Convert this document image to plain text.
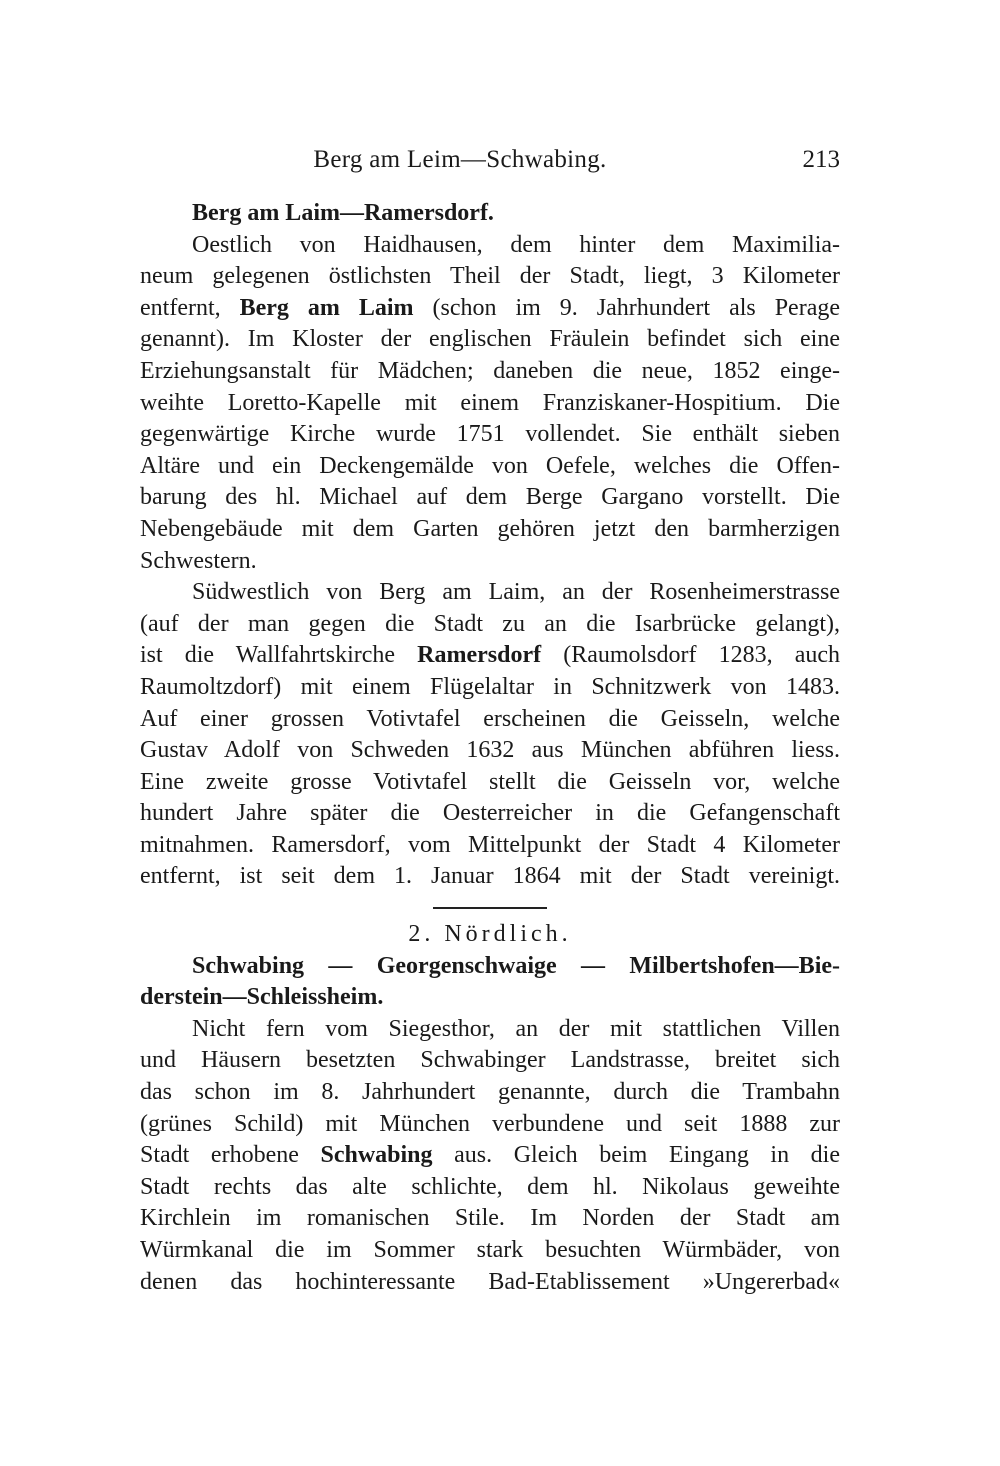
Berg am Leim—Schwabing.	213
Berg am Laim—Ramersdorf.
Oestlich von Haidhausen, dem hinter dem Maximilia-
neum gelegenen östlichsten Theil der Stadt, liegt, 3 Kilometer
entfernt, Berg am Laim (schon im 9. Jahrhundert als Perage
genannt). Im Kloster der englischen Fräulein befindet sich eine
Erziehungsanstalt für Mädchen; daneben die neue, 1852 einge-
weihte Loretto-Kapelle mit einem Franziskaner-Hospitium. Die
gegenwärtige Kirche wurde 1751 vollendet. Sie enthält sieben
Altäre und ein Deckengemälde von Oefele, welches die Offen-
barung des hl. Michael auf dem Berge Gargano vorstellt. Die
Nebengebäude mit dem Garten gehören jetzt den barmherzigen
Schwestern.
Südwestlich von Berg am Laim, an der Rosenheimerstrasse
(auf der man gegen die Stadt zu an die Isarbrücke gelangt),
ist die Wallfahrtskirche Ramersdorf (Raumolsdorf 1283, auch
Raumoltzdorf) mit einem Flügelaltar in Schnitzwerk von 1483.
Auf einer grossen Votivtafel erscheinen die Geisseln, welche
Gustav Adolf von Schweden 1632 aus München abführen liess.
Eine zweite grosse Votivtafel stellt die Geisseln vor, welche
hundert Jahre später die Oesterreicher in die Gefangenschaft
mitnahmen. Ramersdorf, vom Mittelpunkt der Stadt 4 Kilometer
entfernt, ist seit dem 1. Januar 1864 mit der Stadt vereinigt.
2. Nördlich.
Schwabing — Georgenschwaige — Milbertshofen—Bie-
derstein—Schleissheim.
Nicht fern vom Siegesthor, an der mit stattlichen Villen
und Häusern besetzten Schwabinger Landstrasse, breitet sich
das schon im 8. Jahrhundert genannte, durch die Trambahn
(grünes Schild) mit München verbundene und seit 1888 zur
Stadt erhobene Schwabing aus. Gleich beim Eingang in die
Stadt rechts das alte schlichte, dem hl. Nikolaus geweihte
Kirchlein im romanischen Stile. Im Norden der Stadt am
Würmkanal die im Sommer stark besuchten Würmbäder, von
denen das hochinteressante Bad-Etablissement »Ungererbad«
